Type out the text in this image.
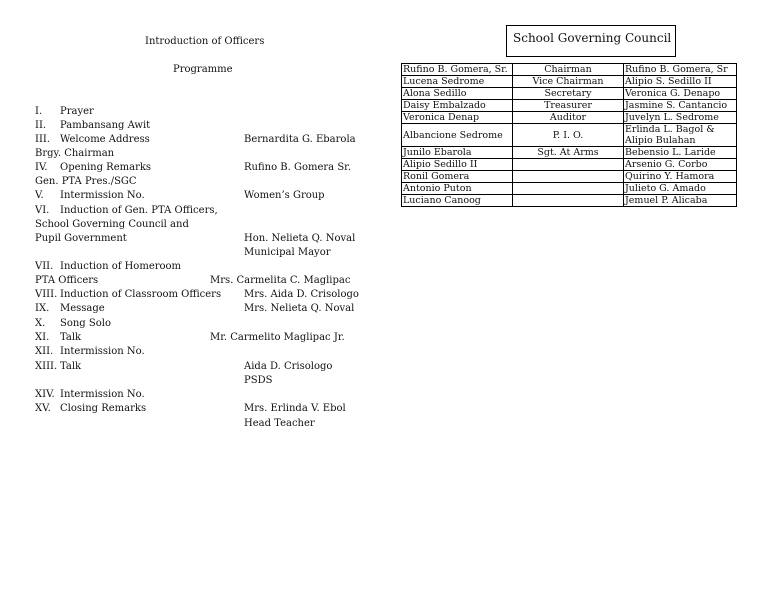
Introduction of Officers
Programme
I. Prayer
II. Pambansang Awit
III. Welcome Address	Bernardita G. Ebarola
Brgy. Chairman
IV. Opening Remarks	Rufino B. Gomera Sr.
Gen. PTA Pres./SGC
V. Intermission No.	Women’s Group
VI. Induction of Gen. PTA Officers,
School Governing Council and
Pupil Government	Hon. Nelieta Q. Noval
Municipal Mayor
VII. Induction of Homeroom
PTA Officers	Mrs. Carmelita C. Maglipac
VIII. Induction of Classroom Officers Mrs. Aida D. Crisologo
IX. Message	Mrs. Nelieta Q. Noval
X. Song Solo
XI. Talk	Mr. Carmelito Maglipac Jr.
XII. Intermission No.
XIII. Talk	Aida D. Crisologo
PSDS
XIV. Intermission No.
XV. Closing Remarks	Mrs. Erlinda V. Ebol
Head Teacher
School Governing Council
Rufino B. Gomera, Sr.	Chairman	Rufino B. Gomera, Sr
Lucena Sedrome	Vice Chairman	Alipio S. Sedillo II
Alona Sedillo	Secretary	Veronica G. Denapo
Daisy Embalzado	Treasurer	Jasmine S. Cantancio
Veronica Denap	Auditor	Juvelyn L. Sedrome
Albancione Sedrome	P. I. O.	Erlinda L. Bagol &
Alipio Bulahan
Junilo Ebarola	Sgt. At Arms	Bebensio L. Laride
Alipio Sedillo II		Arsenio G. Corbo
Ronil Gomera		Quirino Y. Hamora
Antonio Puton		Julieto G. Amado
Luciano Canoog		Jemuel P. Alicaba
